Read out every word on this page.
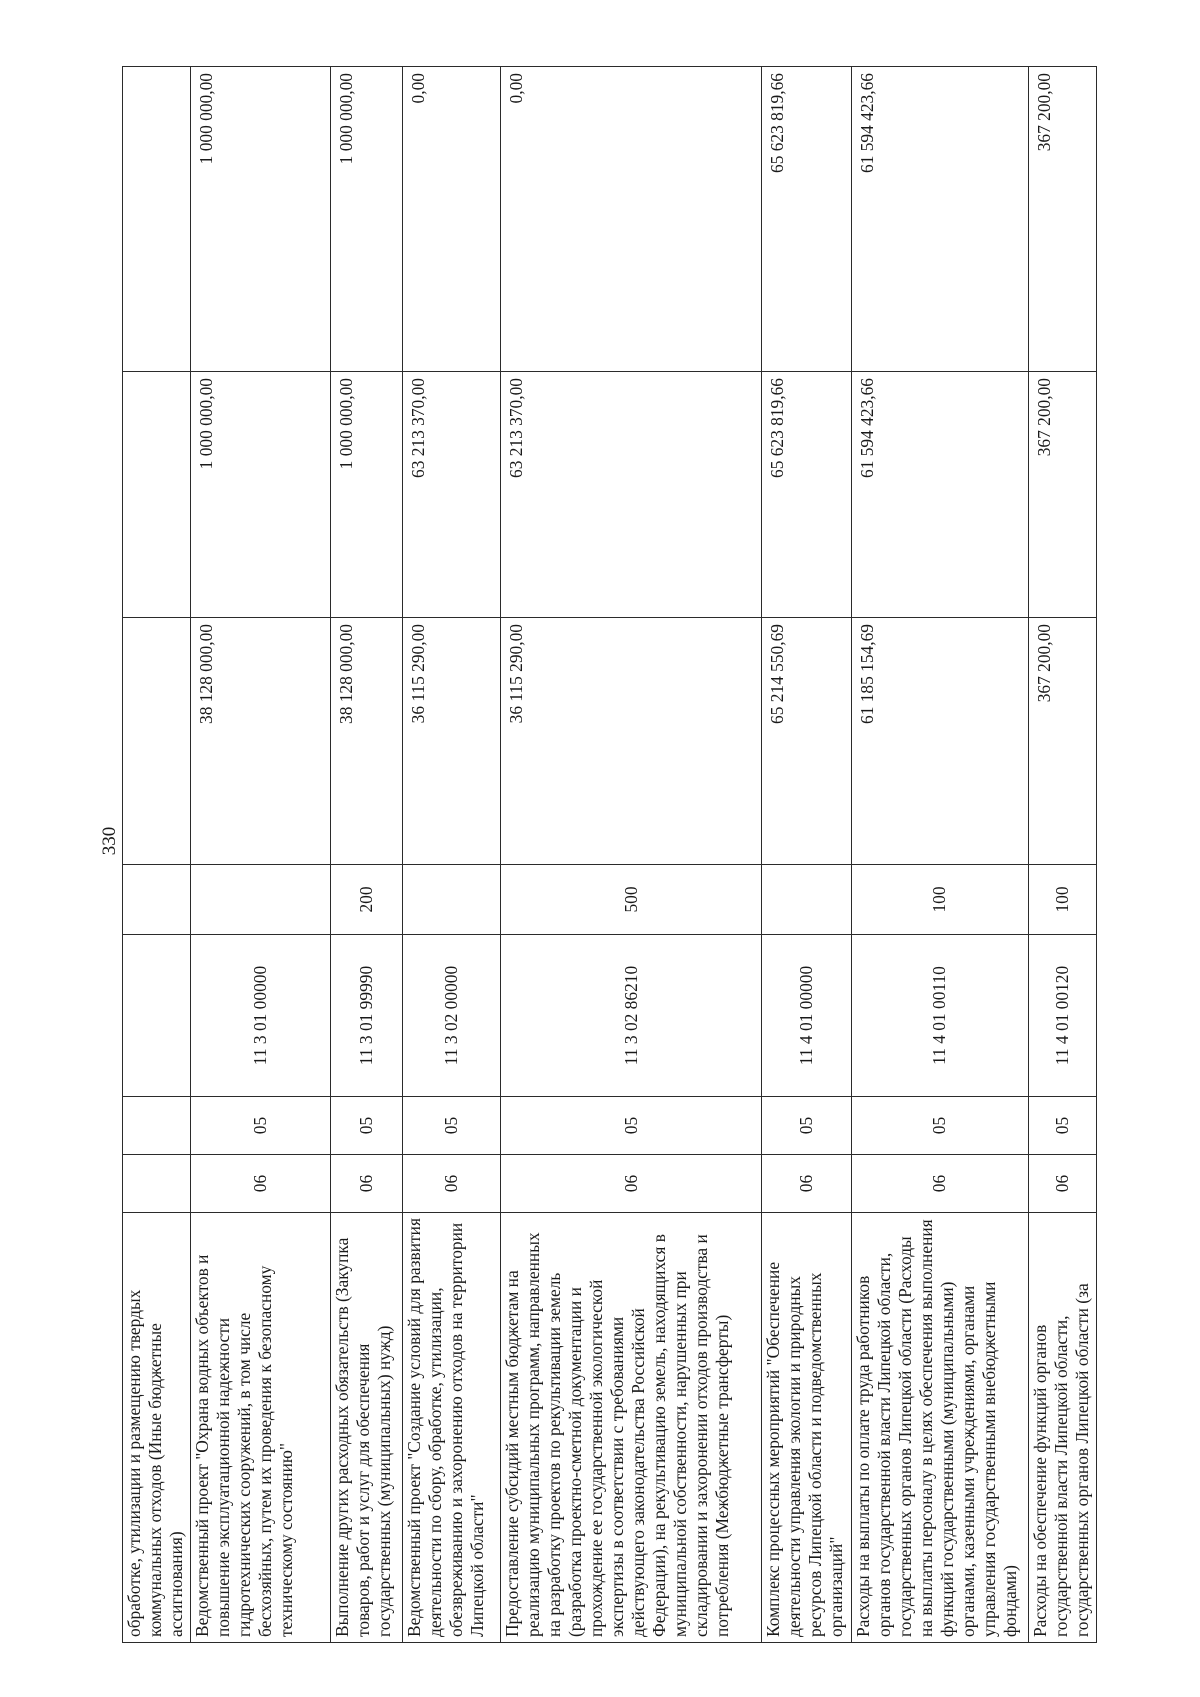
330
обработке, утилизации и размещению твердых коммунальных отходов (Иные бюджетные ассигнования)							
Ведомственный проект "Охрана водных объектов и повышение эксплуатационной надежности гидротехнических сооружений, в том числе бесхозяйных, путем их проведения к безопасному техническому состоянию"	06	05	11 3 01 00000		38 128 000,00	1 000 000,00	1 000 000,00
Выполнение других расходных обязательств (Закупка товаров, работ и услуг для обеспечения государственных (муниципальных) нужд)	06	05	11 3 01 99990	200	38 128 000,00	1 000 000,00	1 000 000,00
Ведомственный проект "Создание условий для развития деятельности по сбору, обработке, утилизации, обезвреживанию и захоронению отходов на территории Липецкой области"	06	05	11 3 02 00000		36 115 290,00	63 213 370,00	0,00
Предоставление субсидий местным бюджетам на реализацию муниципальных программ, направленных на разработку проектов по рекультивации земель (разработка проектно-сметной документации и прохождение ее государственной экологической экспертизы в соответствии с требованиями действующего законодательства Российской Федерации), на рекультивацию земель, находящихся в муниципальной собственности, нарушенных при складировании и захоронении отходов производства и потребления (Межбюджетные трансферты)	06	05	11 3 02 86210	500	36 115 290,00	63 213 370,00	0,00
Комплекс процессных мероприятий "Обеспечение деятельности управления экологии и природных ресурсов Липецкой области и подведомственных организаций"	06	05	11 4 01 00000		65 214 550,69	65 623 819,66	65 623 819,66
Расходы на выплаты по оплате труда работников органов государственной власти Липецкой области, государственных органов Липецкой области (Расходы на выплаты персоналу в целях обеспечения выполнения функций государственными (муниципальными) органами, казенными учреждениями, органами управления государственными внебюджетными фондами)	06	05	11 4 01 00110	100	61 185 154,69	61 594 423,66	61 594 423,66
Расходы на обеспечение функций органов государственной власти Липецкой области, государственных органов Липецкой области (за	06	05	11 4 01 00120	100	367 200,00	367 200,00	367 200,00
